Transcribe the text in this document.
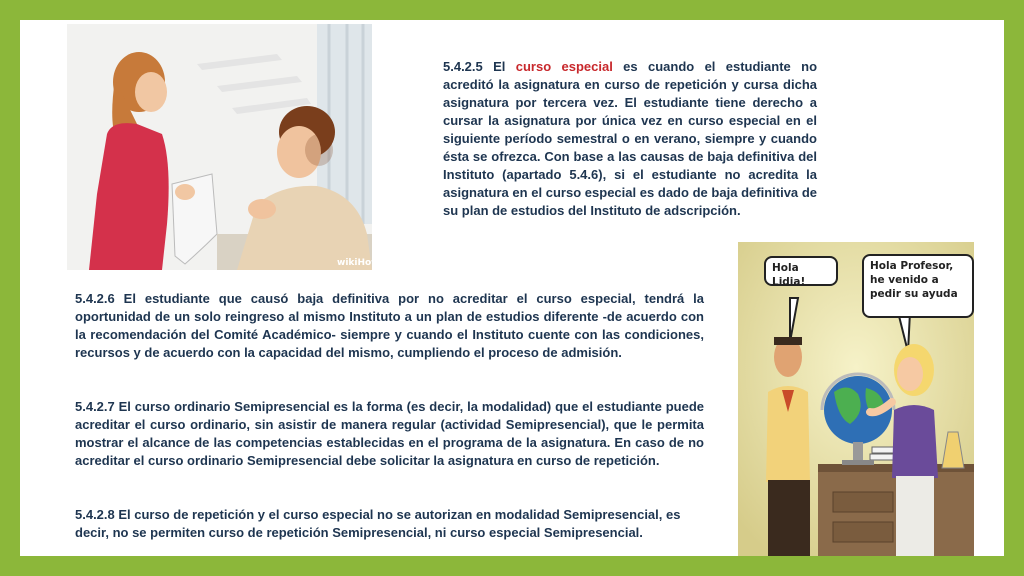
wikiHow

5.4.2.5 El curso especial es cuando el estudiante no acreditó la asignatura en curso de repetición y cursa dicha asignatura por tercera vez. El estudiante tiene derecho a cursar la asignatura por única vez en curso especial en el siguiente período semestral o en verano, siempre y cuando ésta se ofrezca. Con base a las causas de baja definitiva del Instituto (apartado 5.4.6), si el estudiante no acredita la asignatura en el curso especial es dado de baja definitiva de su plan de estudios del Instituto de adscripción.

5.4.2.6 El estudiante que causó baja definitiva por no acreditar el curso especial, tendrá la oportunidad de un solo reingreso al mismo Instituto a un plan de estudios diferente -de acuerdo con la recomendación del Comité Académico- siempre y cuando el Instituto cuente con las condiciones, recursos y de acuerdo con la capacidad del mismo, cumpliendo el proceso de admisión.

5.4.2.7 El curso ordinario Semipresencial es la forma (es decir, la modalidad) que el estudiante puede acreditar el curso ordinario, sin asistir de manera regular (actividad Semipresencial), que le permita mostrar el alcance de las competencias establecidas en el programa de la asignatura. En caso de no acreditar el curso ordinario Semipresencial debe solicitar la asignatura en curso de repetición.

5.4.2.8 El curso de repetición y el curso especial no se autorizan en modalidad Semipresencial, es decir, no se permiten curso de repetición Semipresencial, ni curso especial Semipresencial.

Hola Lidia!
Hola Profesor, he venido a pedir su ayuda
